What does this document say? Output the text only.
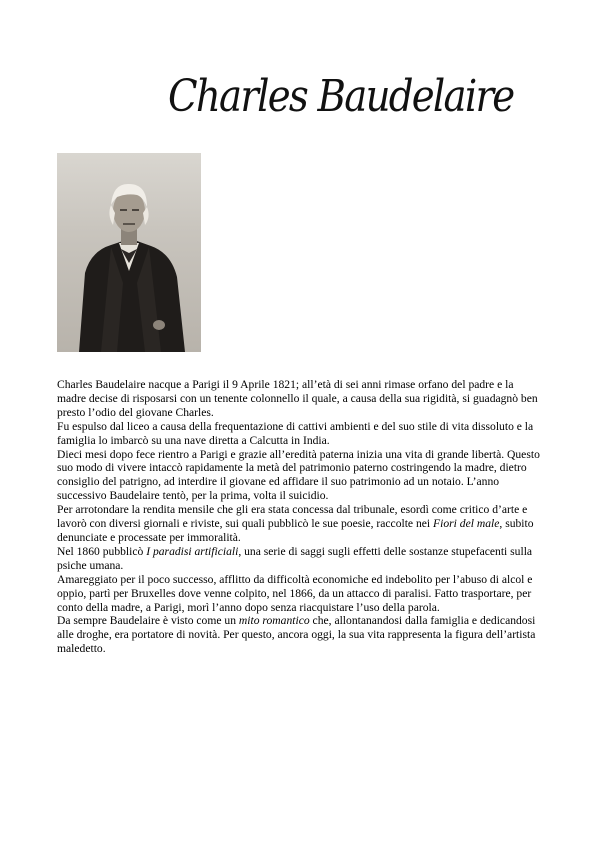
Charles Baudelaire

Charles Baudelaire nacque a Parigi il 9 Aprile 1821; all’età di sei anni rimase orfano del padre e la madre decise di risposarsi con un tenente colonnello il quale, a causa della sua rigidità, si guadagnò ben presto l’odio del giovane Charles.

Fu espulso dal liceo a causa della frequentazione di cattivi ambienti e del suo stile di vita dissoluto e la famiglia lo imbarcò su una nave diretta a Calcutta in India.

Dieci mesi dopo fece rientro a Parigi e grazie all’eredità paterna inizia una vita di grande libertà. Questo suo modo di vivere intaccò rapidamente la metà del patrimonio paterno costringendo la madre, dietro consiglio del patrigno, ad interdire il giovane ed affidare il suo patrimonio ad un notaio. L’anno successivo Baudelaire tentò, per la prima, volta il suicidio.

Per arrotondare la rendita mensile che gli era stata concessa dal tribunale, esordì come critico d’arte e lavorò con diversi giornali e riviste, sui quali pubblicò le sue poesie, raccolte nei Fiori del male, subito denunciate e processate per immoralità.

Nel 1860 pubblicò I paradisi artificiali, una serie di saggi sugli effetti delle sostanze stupefacenti sulla psiche umana.

Amareggiato per il poco successo, afflitto da difficoltà economiche ed indebolito per l’abuso di alcol e oppio, partì per Bruxelles dove venne colpito, nel 1866, da un attacco di paralisi. Fatto trasportare, per conto della madre, a Parigi, morì l’anno dopo senza riacquistare l’uso della parola.

Da sempre Baudelaire è visto come un mito romantico che, allontanandosi dalla famiglia e dedicandosi alle droghe, era portatore di novità. Per questo, ancora oggi, la sua vita rappresenta la figura dell’artista maledetto.
